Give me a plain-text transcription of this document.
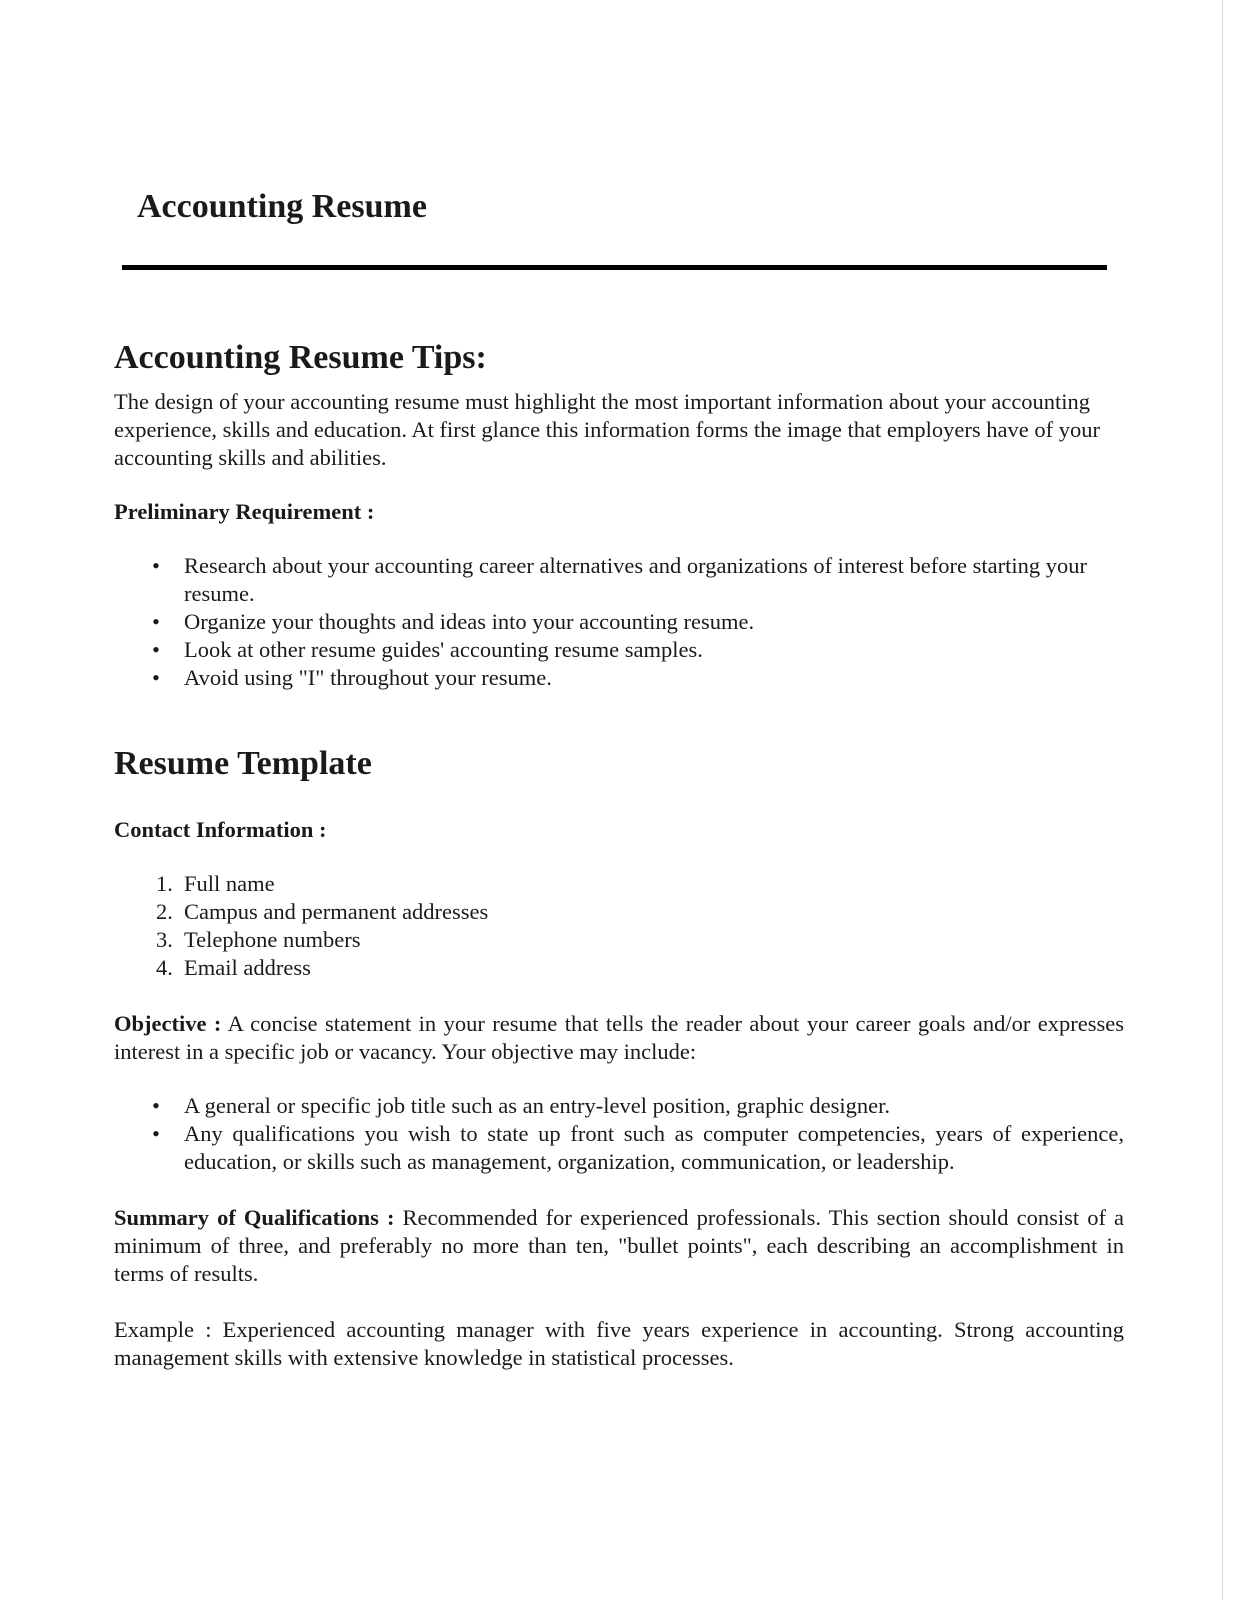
Accounting Resume
Accounting Resume Tips:

The design of your accounting resume must highlight the most important information about your accounting experience, skills and education. At first glance this information forms the image that employers have of your accounting skills and abilities.

Preliminary Requirement :

• Research about your accounting career alternatives and organizations of interest before starting your resume.
• Organize your thoughts and ideas into your accounting resume.
• Look at other resume guides' accounting resume samples.
• Avoid using "I" throughout your resume.
Resume Template

Contact Information :

1. Full name
2. Campus and permanent addresses
3. Telephone numbers
4. Email address

Objective : A concise statement in your resume that tells the reader about your career goals and/or expresses interest in a specific job or vacancy. Your objective may include:

• A general or specific job title such as an entry-level position, graphic designer.
• Any qualifications you wish to state up front such as computer competencies, years of experience, education, or skills such as management, organization, communication, or leadership.

Summary of Qualifications : Recommended for experienced professionals. This section should consist of a minimum of three, and preferably no more than ten, "bullet points", each describing an accomplishment in terms of results.

Example : Experienced accounting manager with five years experience in accounting. Strong accounting management skills with extensive knowledge in statistical processes.
